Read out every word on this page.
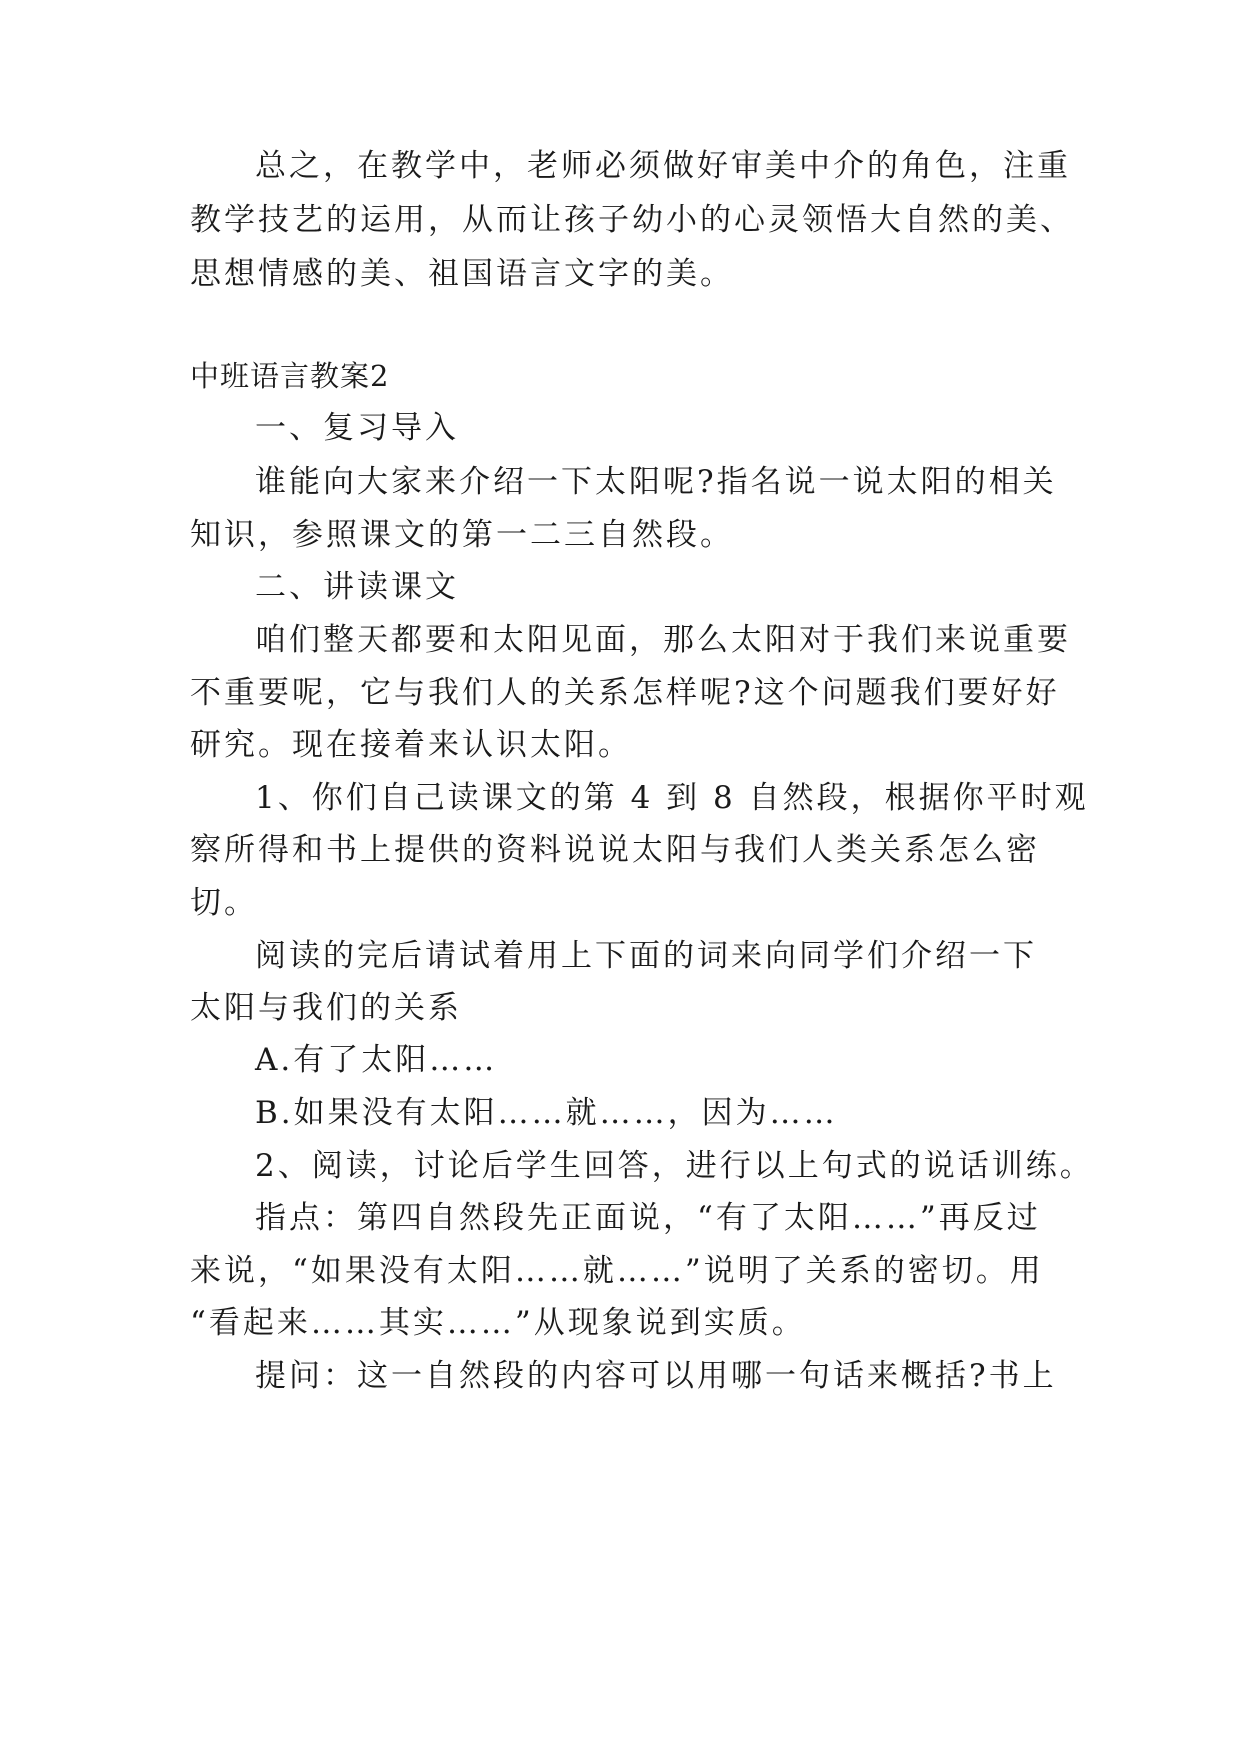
总之，在教学中，老师必须做好审美中介的角色，注重
教学技艺的运用，从而让孩子幼小的心灵领悟大自然的美、
思想情感的美、祖国语言文字的美。
中班语言教案2
一、复习导入
谁能向大家来介绍一下太阳呢?指名说一说太阳的相关
知识，参照课文的第一二三自然段。
二、讲读课文
咱们整天都要和太阳见面，那么太阳对于我们来说重要
不重要呢，它与我们人的关系怎样呢?这个问题我们要好好
研究。现在接着来认识太阳。
1、你们自己读课文的第 4 到 8 自然段，根据你平时观
察所得和书上提供的资料说说太阳与我们人类关系怎么密
切。
阅读的完后请试着用上下面的词来向同学们介绍一下
太阳与我们的关系
A.有了太阳……
B.如果没有太阳……就……，因为……
2、阅读，讨论后学生回答，进行以上句式的说话训练。
指点：第四自然段先正面说，“有了太阳……”再反过
来说，“如果没有太阳……就……”说明了关系的密切。用
“看起来……其实……”从现象说到实质。
提问：这一自然段的内容可以用哪一句话来概括?书上
